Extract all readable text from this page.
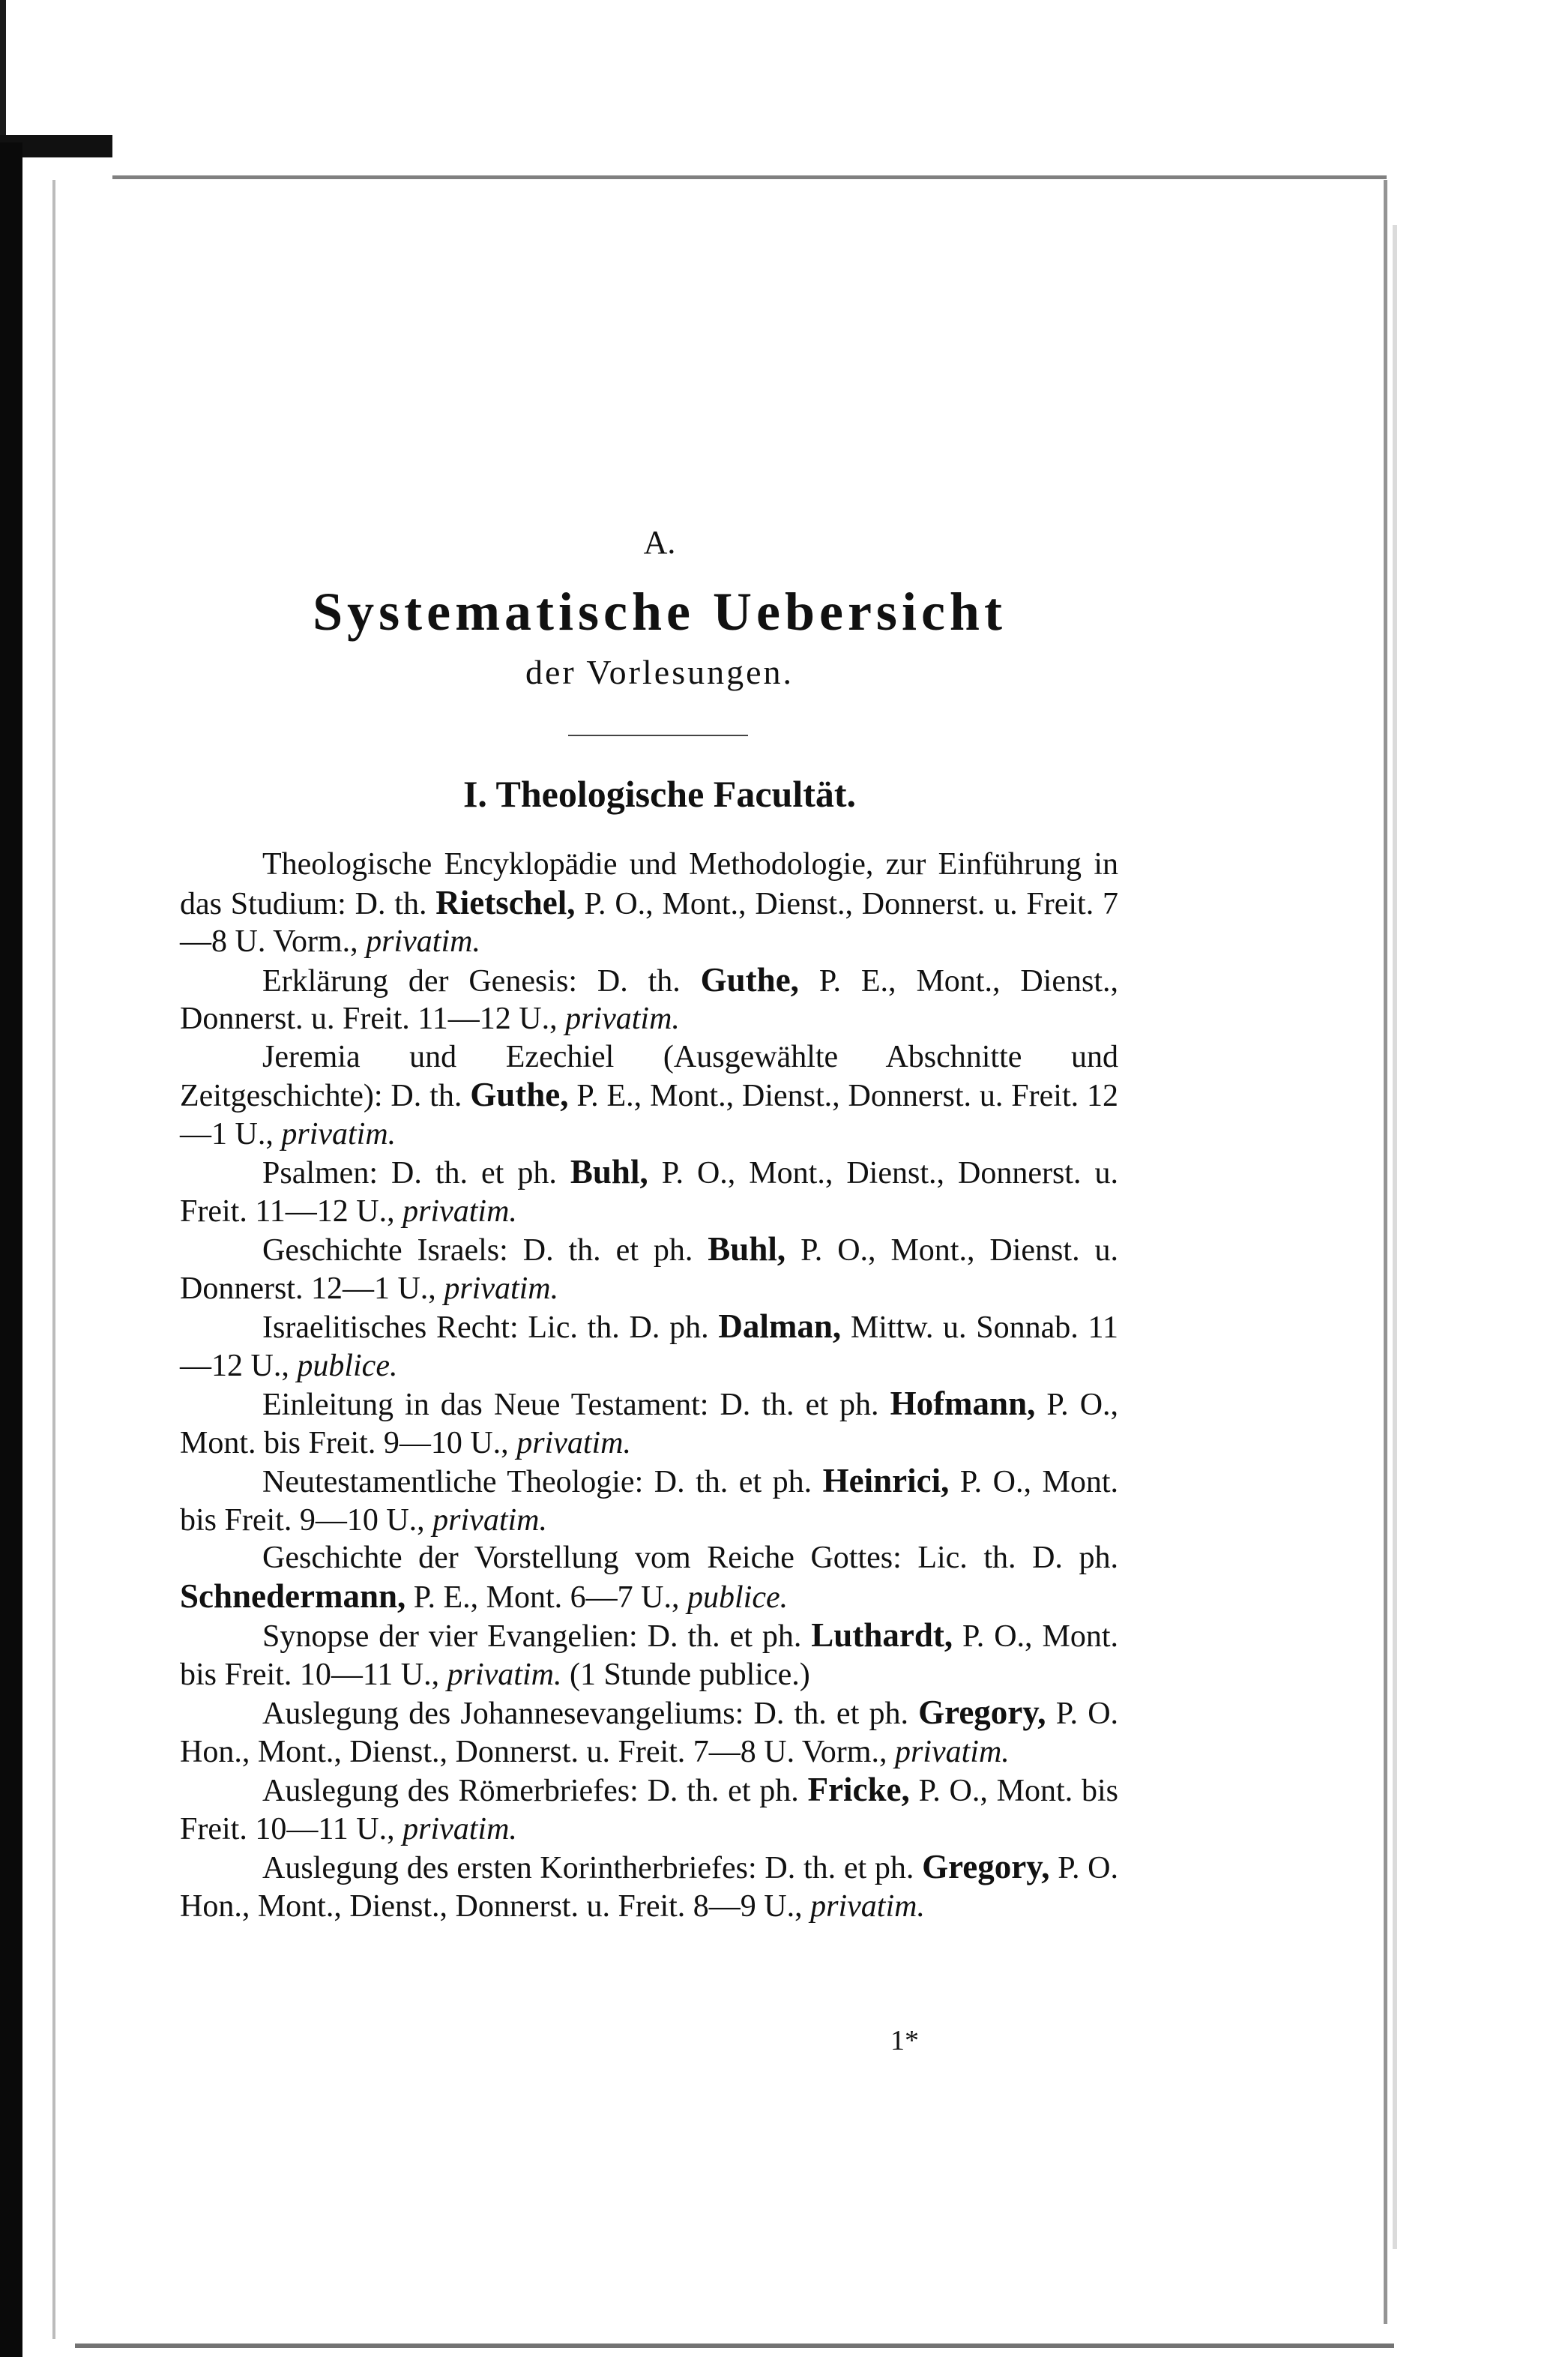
A.
Systematische Uebersicht
der Vorlesungen.
I. Theologische Facultät.

Theologische Encyklopädie und Methodologie, zur Einführung in das Studium: D. th. Rietschel, P. O., Mont., Dienst., Donnerst. u. Freit. 7—8 U. Vorm., privatim.

Erklärung der Genesis: D. th. Guthe, P. E., Mont., Dienst., Donnerst. u. Freit. 11—12 U., privatim.

Jeremia und Ezechiel (Ausgewählte Abschnitte und Zeitgeschichte): D. th. Guthe, P. E., Mont., Dienst., Donnerst. u. Freit. 12—1 U., privatim.

Psalmen: D. th. et ph. Buhl, P. O., Mont., Dienst., Donnerst. u. Freit. 11—12 U., privatim.

Geschichte Israels: D. th. et ph. Buhl, P. O., Mont., Dienst. u. Donnerst. 12—1 U., privatim.

Israelitisches Recht: Lic. th. D. ph. Dalman, Mittw. u. Sonnab. 11—12 U., publice.

Einleitung in das Neue Testament: D. th. et ph. Hofmann, P. O., Mont. bis Freit. 9—10 U., privatim.

Neutestamentliche Theologie: D. th. et ph. Heinrici, P. O., Mont. bis Freit. 9—10 U., privatim.

Geschichte der Vorstellung vom Reiche Gottes: Lic. th. D. ph. Schnedermann, P. E., Mont. 6—7 U., publice.

Synopse der vier Evangelien: D. th. et ph. Luthardt, P. O., Mont. bis Freit. 10—11 U., privatim. (1 Stunde publice.)

Auslegung des Johannesevangeliums: D. th. et ph. Gregory, P. O. Hon., Mont., Dienst., Donnerst. u. Freit. 7—8 U. Vorm., privatim.

Auslegung des Römerbriefes: D. th. et ph. Fricke, P. O., Mont. bis Freit. 10—11 U., privatim.

Auslegung des ersten Korintherbriefes: D. th. et ph. Gregory, P. O. Hon., Mont., Dienst., Donnerst. u. Freit. 8—9 U., privatim.

1*
